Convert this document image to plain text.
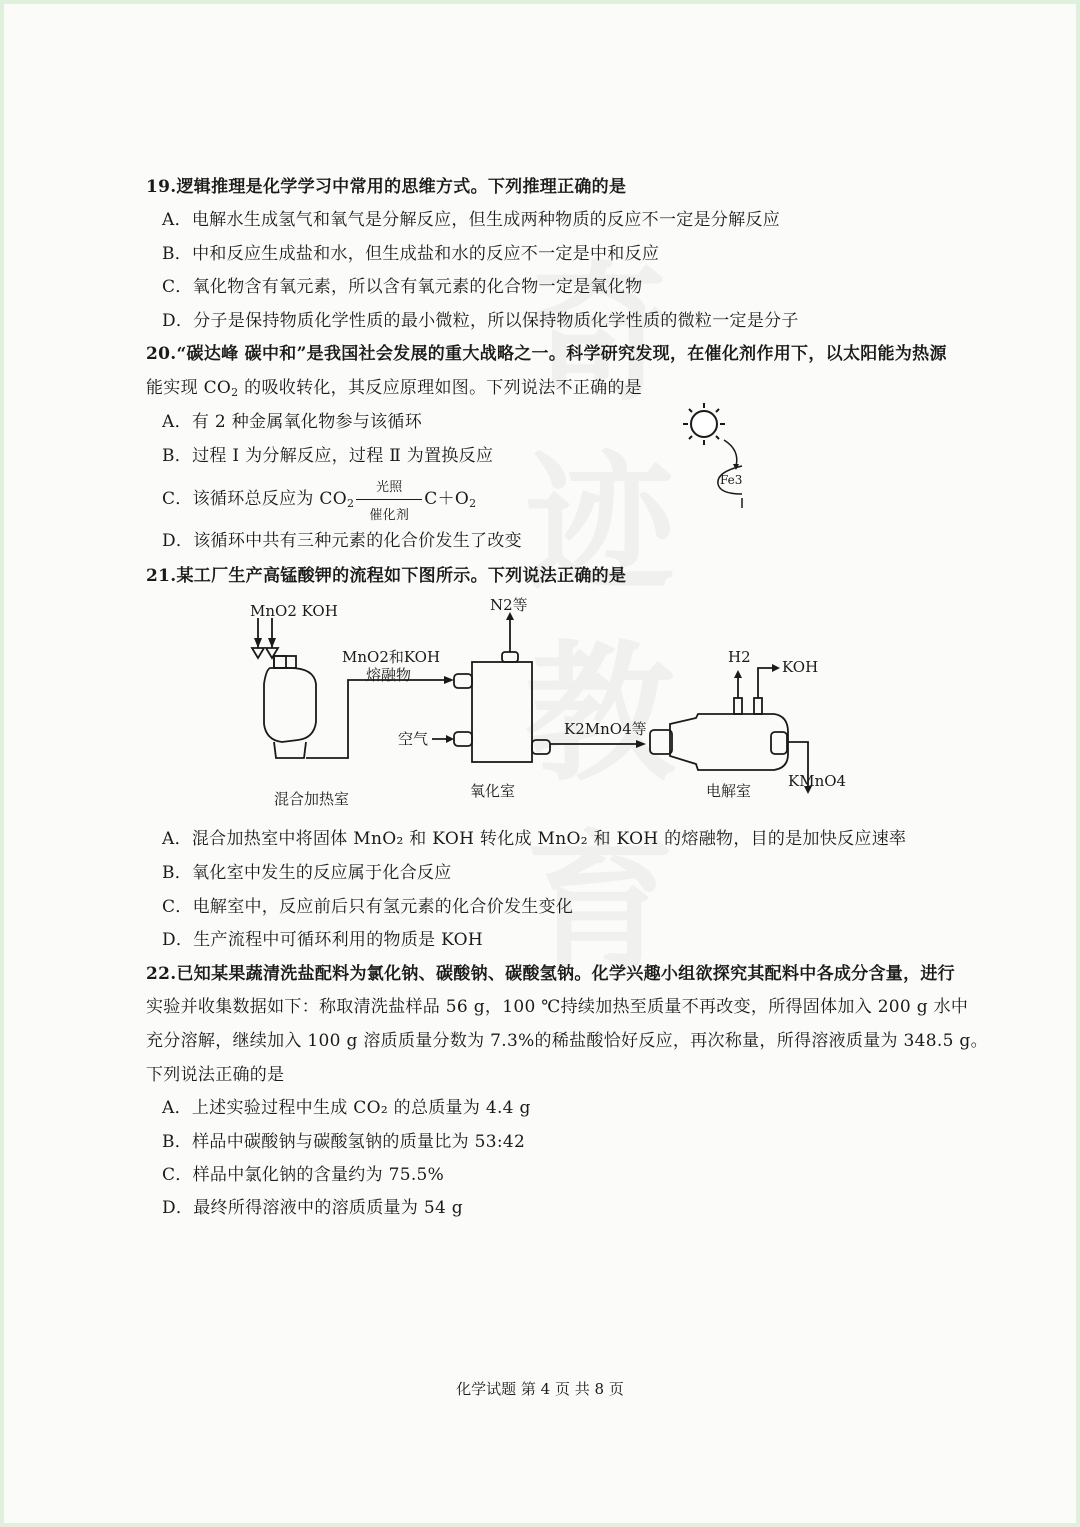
19.逻辑推理是化学学习中常用的思维方式。下列推理正确的是
A．电解水生成氢气和氧气是分解反应，但生成两种物质的反应不一定是分解反应
B．中和反应生成盐和水，但生成盐和水的反应不一定是中和反应
C．氧化物含有氧元素，所以含有氧元素的化合物一定是氧化物
D．分子是保持物质化学性质的最小微粒，所以保持物质化学性质的微粒一定是分子
20.“碳达峰 碳中和”是我国社会发展的重大战略之一。科学研究发现，在催化剂作用下，以太阳能为热源
能实现 $CO_2$ 的吸收转化，其反应原理如图。下列说法不正确的是
A．有 2 种金属氧化物参与该循环
B．过程 Ⅰ 为分解反应，过程 Ⅱ 为置换反应
C．该循环总反应为 $CO_2$
光照
催化剂
$C+O_2$
D．该循环中共有三种元素的化合价发生了改变
Fe3
21.某工厂生产高锰酸钾的流程如下图所示。下列说法正确的是
MnO2 KOH	N2等
MnO2和KOH
熔融物
空气
K2MnO4等
H2
KOH
KMnO4
混合加热室	氧化室	电解室
A．混合加热室中将固体 MnO₂ 和 KOH 转化成 MnO₂ 和 KOH 的熔融物，目的是加快反应速率
B．氧化室中发生的反应属于化合反应
C．电解室中，反应前后只有氢元素的化合价发生变化
D．生产流程中可循环利用的物质是 KOH
22.已知某果蔬清洗盐配料为氯化钠、碳酸钠、碳酸氢钠。化学兴趣小组欲探究其配料中各成分含量，进行
实验并收集数据如下：称取清洗盐样品 56 g，100 ℃持续加热至质量不再改变，所得固体加入 200 g 水中
充分溶解，继续加入 100 g 溶质质量分数为 7.3%的稀盐酸恰好反应，再次称量，所得溶液质量为 348.5 g。
下列说法正确的是
A．上述实验过程中生成 CO₂ 的总质量为 4.4 g
B．样品中碳酸钠与碳酸氢钠的质量比为 53:42
C．样品中氯化钠的含量约为 75.5%
D．最终所得溶液中的溶质质量为 54 g
化学试题 第 4 页 共 8 页
